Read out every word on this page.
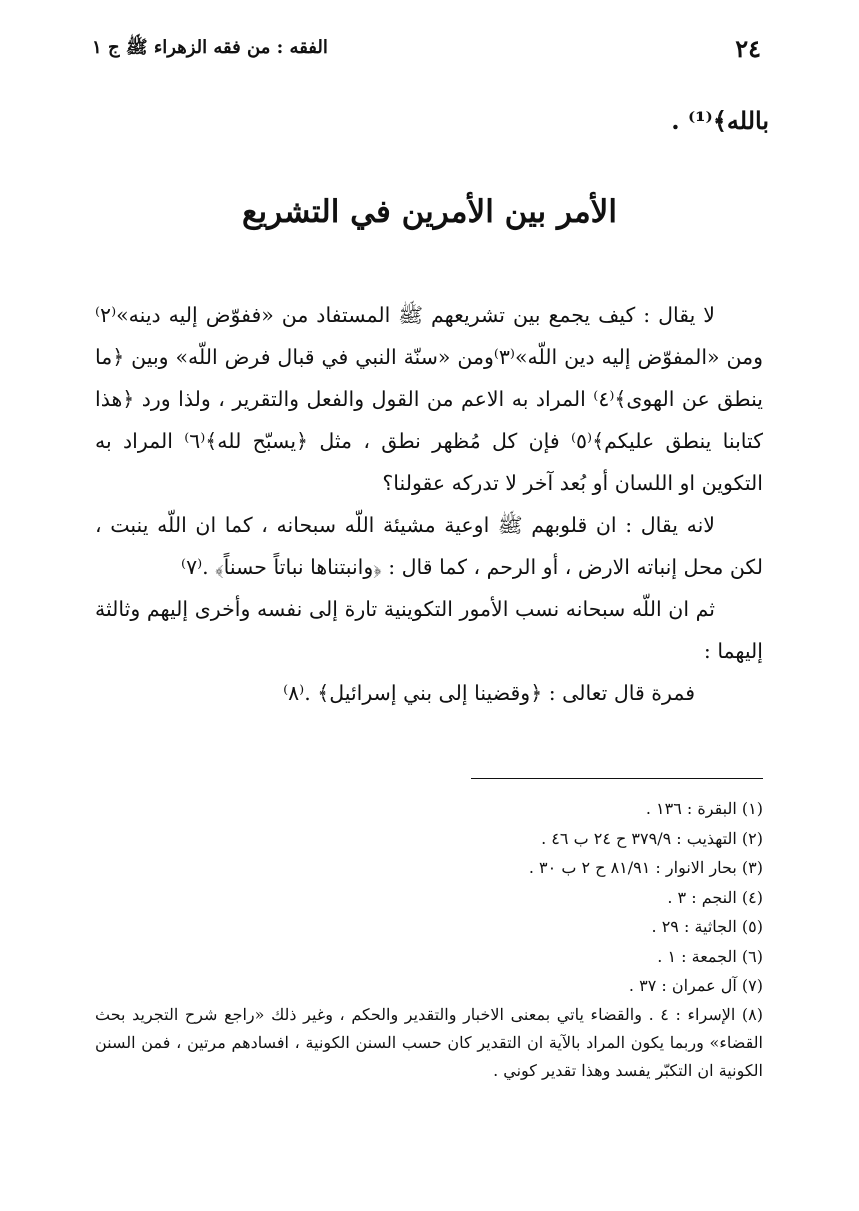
٢٤
الفقه : من فقه الزهراء ﷺ ج ١
بالله﴾⁽¹⁾ .
الأمر بين الأمرين في التشريع

لا يقال : كيف يجمع بين تشريعهم ﷺ المستفاد من «ففوّض إليه دينه»⁽٢⁾ ومن «المفوّض إليه دين اللّه»⁽٣⁾ومن «سنّة النبي في قبال فرض اللّه» وبين ﴿ما ينطق عن الهوى﴾⁽٤⁾ المراد به الاعم من القول والفعل والتقرير ، ولذا ورد ﴿هذا كتابنا ينطق عليكم﴾⁽٥⁾ فإن كل مُظهر نطق ، مثل ﴿يسبّح لله﴾⁽٦⁾ المراد به التكوين او اللسان أو بُعد آخر لا تدركه عقولنا؟

لانه يقال : ان قلوبهم ﷺ اوعية مشيئة اللّه سبحانه ، كما ان اللّه ينبت ، لكن محل إنباته الارض ، أو الرحم ، كما قال : ﴿وانبتناها نباتاً حسناً﴾ .⁽٧⁾

ثم ان اللّه سبحانه نسب الأمور التكوينية تارة إلى نفسه وأخرى إليهم وثالثة إليهما :

فمرة قال تعالى : ﴿وقضينا إلى بني إسرائيل﴾ .⁽٨⁾

(١) البقرة : ١٣٦ .

(٢) التهذيب : ٣٧٩/٩ ح ٢٤ ب ٤٦ .

(٣) بحار الانوار : ٨١/٩١ ح ٢ ب ٣٠ .

(٤) النجم : ٣ .

(٥) الجاثية : ٢٩ .

(٦) الجمعة : ١ .

(٧) آل عمران : ٣٧ .

(٨) الإسراء : ٤ . والقضاء ياتي بمعنى الاخبار والتقدير والحكم ، وغير ذلك «راجع شرح التجريد بحث القضاء» وربما يكون المراد بالآية ان التقدير كان حسب السنن الكونية ، افسادهم مرتين ، فمن السنن الكونية ان التكبّر يفسد وهذا تقدير كوني .
